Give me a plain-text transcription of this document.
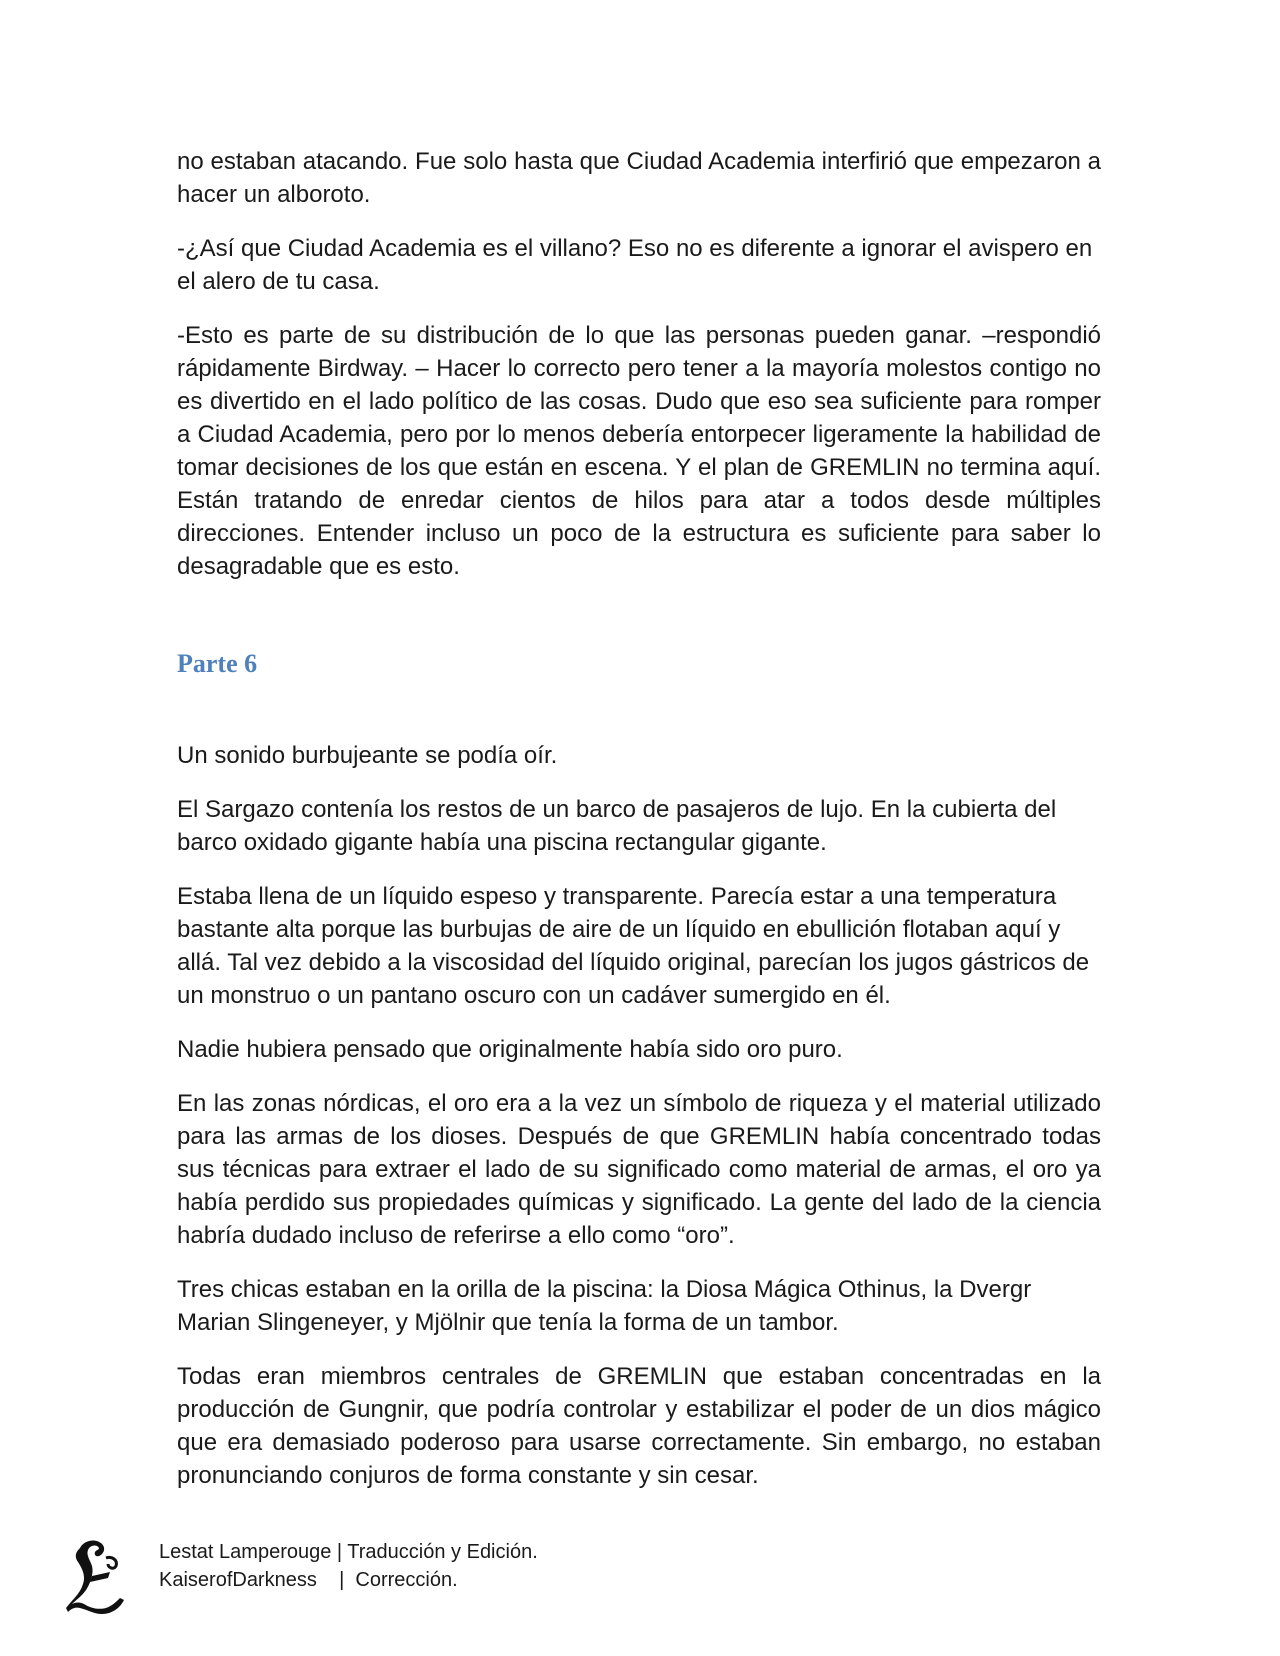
no estaban atacando. Fue solo hasta que Ciudad Academia interfirió que empezaron a hacer un alboroto.

-¿Así que Ciudad Academia es el villano? Eso no es diferente a ignorar el avispero en el alero de tu casa.

-Esto es parte de su distribución de lo que las personas pueden ganar. –respondió rápidamente Birdway. – Hacer lo correcto pero tener a la mayoría molestos contigo no es divertido en el lado político de las cosas. Dudo que eso sea suficiente para romper a Ciudad Academia, pero por lo menos debería entorpecer ligeramente la habilidad de tomar decisiones de los que están en escena. Y el plan de GREMLIN no termina aquí. Están tratando de enredar cientos de hilos para atar a todos desde múltiples direcciones. Entender incluso un poco de la estructura es suficiente para saber lo desagradable que es esto.

Parte 6

Un sonido burbujeante se podía oír.

El Sargazo contenía los restos de un barco de pasajeros de lujo. En la cubierta del barco oxidado gigante había una piscina rectangular gigante.

Estaba llena de un líquido espeso y transparente. Parecía estar a una temperatura bastante alta porque las burbujas de aire de un líquido en ebullición flotaban aquí y allá. Tal vez debido a la viscosidad del líquido original, parecían los jugos gástricos de un monstruo o un pantano oscuro con un cadáver sumergido en él.

Nadie hubiera pensado que originalmente había sido oro puro.

En las zonas nórdicas, el oro era a la vez un símbolo de riqueza y el material utilizado para las armas de los dioses. Después de que GREMLIN había concentrado todas sus técnicas para extraer el lado de su significado como material de armas, el oro ya había perdido sus propiedades químicas y significado. La gente del lado de la ciencia habría dudado incluso de referirse a ello como “oro”.

Tres chicas estaban en la orilla de la piscina: la Diosa Mágica Othinus, la Dvergr Marian Slingeneyer, y Mjölnir que tenía la forma de un tambor.

Todas eran miembros centrales de GREMLIN que estaban concentradas en la producción de Gungnir, que podría controlar y estabilizar el poder de un dios mágico que era demasiado poderoso para usarse correctamente. Sin embargo, no estaban pronunciando conjuros de forma constante y sin cesar.

Lestat Lamperouge | Traducción y Edición.
KaiserofDarkness    |  Corrección.
